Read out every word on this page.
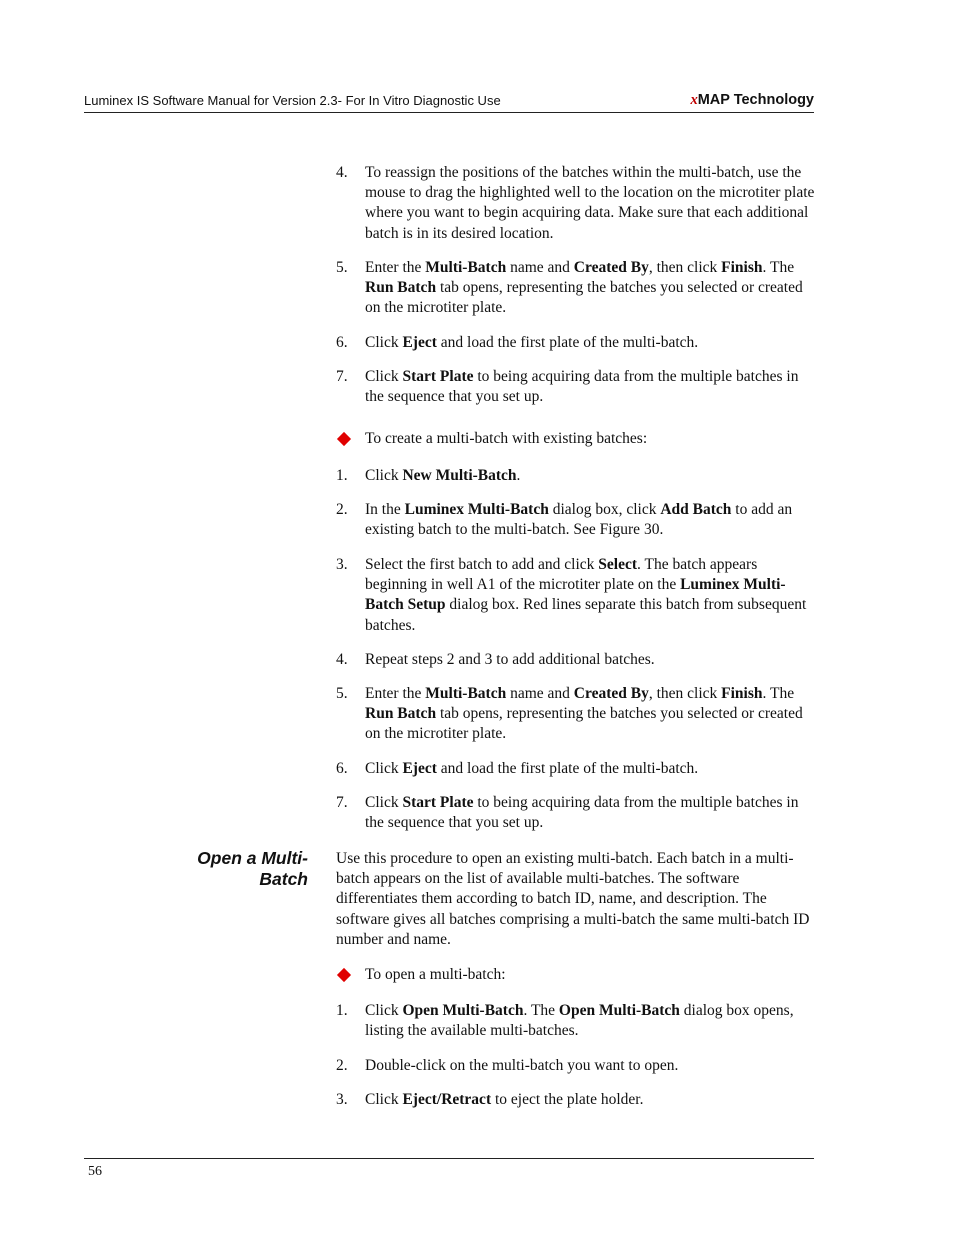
Luminex IS Software Manual for Version 2.3- For In Vitro Diagnostic Use	xMAP Technology
4. To reassign the positions of the batches within the multi-batch, use the mouse to drag the highlighted well to the location on the microtiter plate where you want to begin acquiring data. Make sure that each additional batch is in its desired location.
5. Enter the Multi-Batch name and Created By, then click Finish. The Run Batch tab opens, representing the batches you selected or created on the microtiter plate.
6. Click Eject and load the first plate of the multi-batch.
7. Click Start Plate to being acquiring data from the multiple batches in the sequence that you set up.
To create a multi-batch with existing batches:
1. Click New Multi-Batch.
2. In the Luminex Multi-Batch dialog box, click Add Batch to add an existing batch to the multi-batch. See Figure 30.
3. Select the first batch to add and click Select. The batch appears beginning in well A1 of the microtiter plate on the Luminex Multi-Batch Setup dialog box. Red lines separate this batch from subsequent batches.
4. Repeat steps 2 and 3 to add additional batches.
5. Enter the Multi-Batch name and Created By, then click Finish. The Run Batch tab opens, representing the batches you selected or created on the microtiter plate.
6. Click Eject and load the first plate of the multi-batch.
7. Click Start Plate to being acquiring data from the multiple batches in the sequence that you set up.
To open a multi-batch:
1. Click Open Multi-Batch. The Open Multi-Batch dialog box opens, listing the available multi-batches.
2. Double-click on the multi-batch you want to open.
3. Click Eject/Retract to eject the plate holder.
Open a Multi-Batch
Use this procedure to open an existing multi-batch. Each batch in a multi-batch appears on the list of available multi-batches. The software differentiates them according to batch ID, name, and description. The software gives all batches comprising a multi-batch the same multi-batch ID number and name.
56
